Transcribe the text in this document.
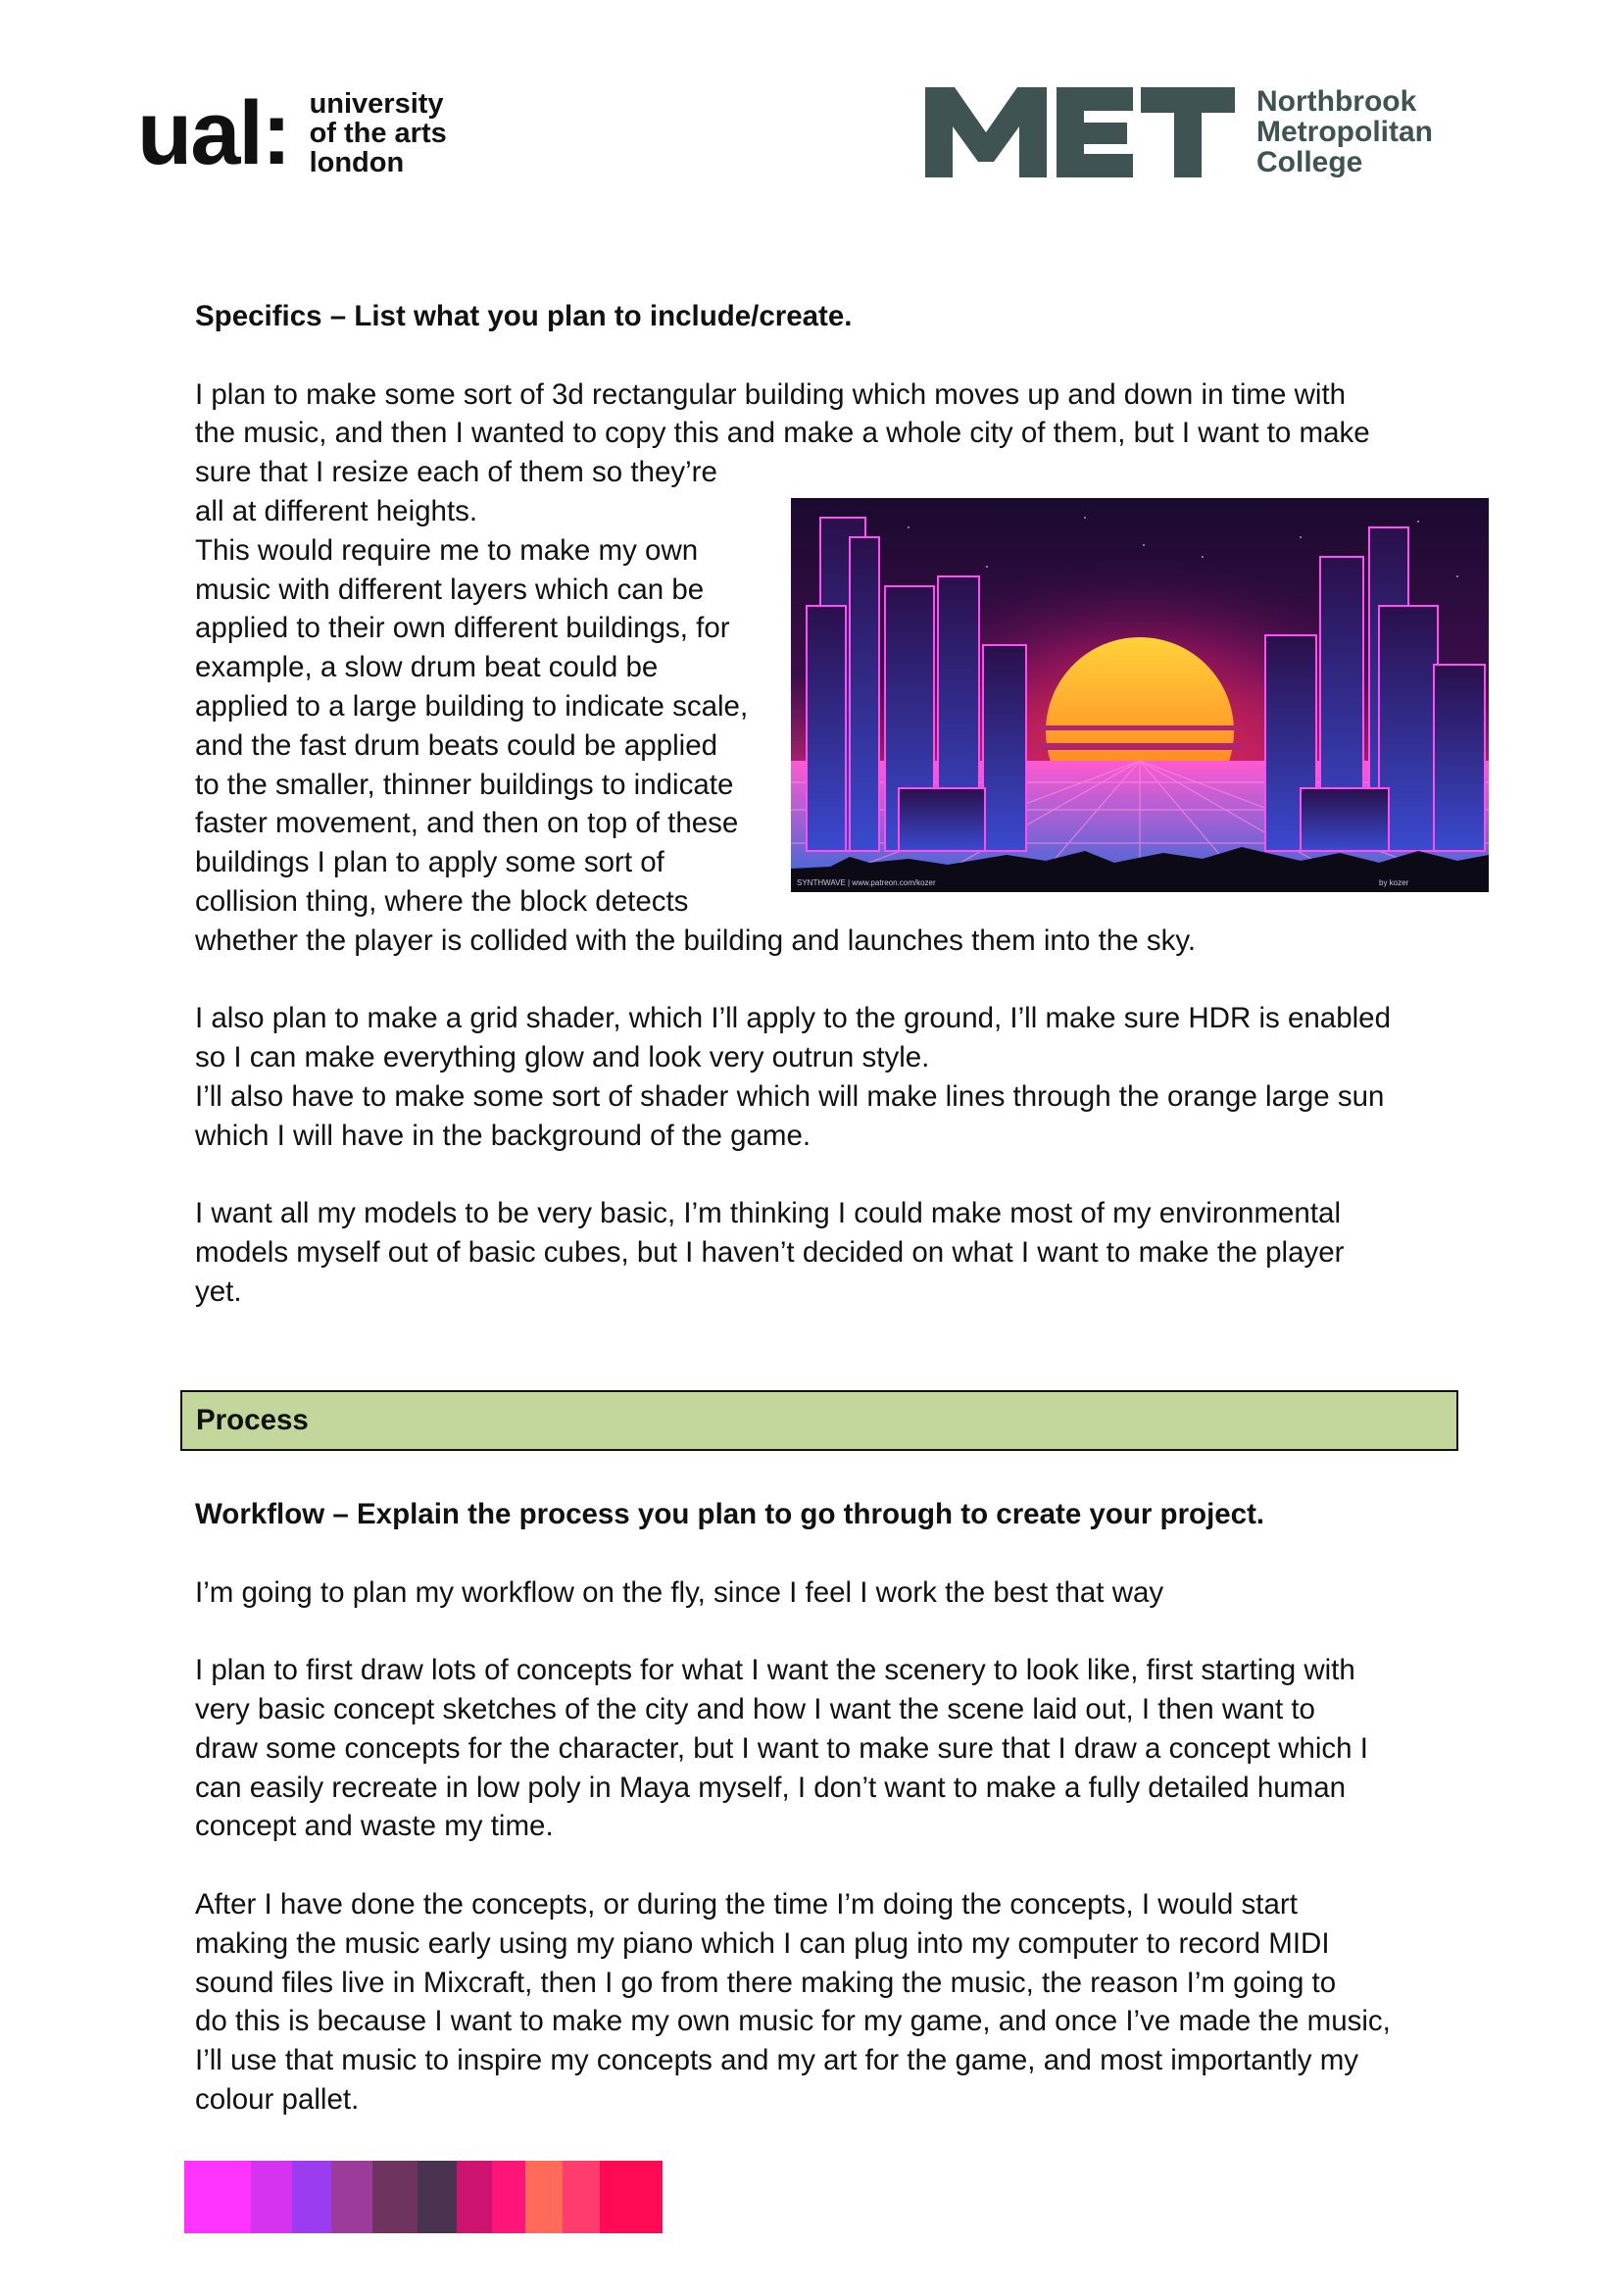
ual: university
of the arts
london
Northbrook
Metropolitan
College

Specifics – List what you plan to include/create.

I plan to make some sort of 3d rectangular building which moves up and down in time with
the music, and then I wanted to copy this and make a whole city of them, but I want to make
sure that I resize each of them so they’re
all at different heights.
This would require me to make my own
music with different layers which can be
applied to their own different buildings, for
example, a slow drum beat could be
applied to a large building to indicate scale,
and the fast drum beats could be applied
to the smaller, thinner buildings to indicate
faster movement, and then on top of these
buildings I plan to apply some sort of
collision thing, where the block detects
whether the player is collided with the building and launches them into the sky.

I also plan to make a grid shader, which I’ll apply to the ground, I’ll make sure HDR is enabled
so I can make everything glow and look very outrun style.
I’ll also have to make some sort of shader which will make lines through the orange large sun
which I will have in the background of the game.

I want all my models to be very basic, I’m thinking I could make most of my environmental
models myself out of basic cubes, but I haven’t decided on what I want to make the player
yet.
SYNTHWAVE | www.patreon.com/kozer	by kozer
Process

Workflow – Explain the process you plan to go through to create your project.

I’m going to plan my workflow on the fly, since I feel I work the best that way

I plan to first draw lots of concepts for what I want the scenery to look like, first starting with
very basic concept sketches of the city and how I want the scene laid out, I then want to
draw some concepts for the character, but I want to make sure that I draw a concept which I
can easily recreate in low poly in Maya myself, I don’t want to make a fully detailed human
concept and waste my time.

After I have done the concepts, or during the time I’m doing the concepts, I would start
making the music early using my piano which I can plug into my computer to record MIDI
sound files live in Mixcraft, then I go from there making the music, the reason I’m going to
do this is because I want to make my own music for my game, and once I’ve made the music,
I’ll use that music to inspire my concepts and my art for the game, and most importantly my
colour pallet.
